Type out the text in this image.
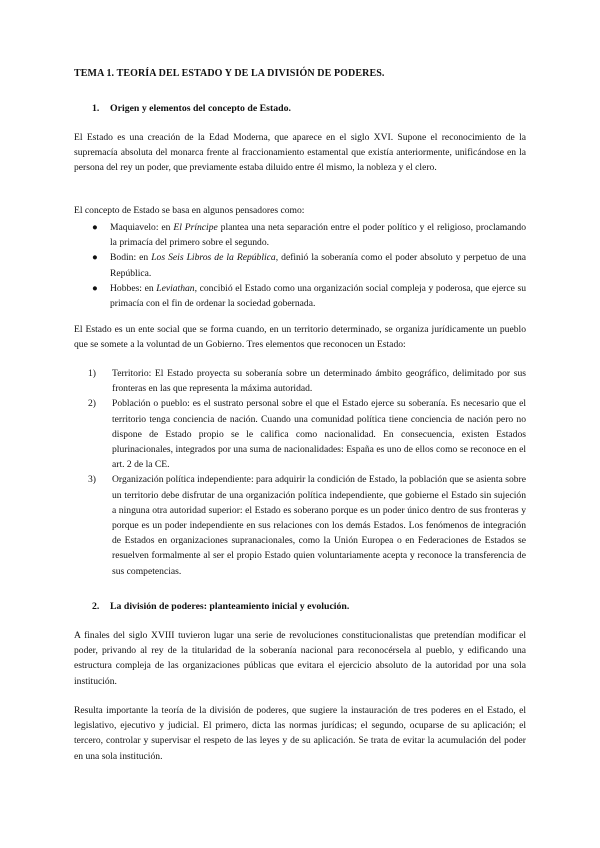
TEMA 1. TEORÍA DEL ESTADO Y DE LA DIVISIÓN DE PODERES.
1. Origen y elementos del concepto de Estado.

El Estado es una creación de la Edad Moderna, que aparece en el siglo XVI. Supone el reconocimiento de la supremacía absoluta del monarca frente al fraccionamiento estamental que existía anteriormente, unificándose en la persona del rey un poder, que previamente estaba diluido entre él mismo, la nobleza y el clero.

El concepto de Estado se basa en algunos pensadores como:

● Maquiavelo: en El Príncipe plantea una neta separación entre el poder político y el religioso, proclamando la primacía del primero sobre el segundo.
● Bodin: en Los Seis Libros de la República, definió la soberanía como el poder absoluto y perpetuo de una República.
● Hobbes: en Leviathan, concibió el Estado como una organización social compleja y poderosa, que ejerce su primacía con el fin de ordenar la sociedad gobernada.

El Estado es un ente social que se forma cuando, en un territorio determinado, se organiza jurídicamente un pueblo que se somete a la voluntad de un Gobierno. Tres elementos que reconocen un Estado:

1) Territorio: El Estado proyecta su soberanía sobre un determinado ámbito geográfico, delimitado por sus fronteras en las que representa la máxima autoridad.
2) Población o pueblo: es el sustrato personal sobre el que el Estado ejerce su soberanía. Es necesario que el territorio tenga conciencia de nación. Cuando una comunidad política tiene conciencia de nación pero no dispone de Estado propio se le califica como nacionalidad. En consecuencia, existen Estados plurinacionales, integrados por una suma de nacionalidades: España es uno de ellos como se reconoce en el art. 2 de la CE.
3) Organización política independiente: para adquirir la condición de Estado, la población que se asienta sobre un territorio debe disfrutar de una organización política independiente, que gobierne el Estado sin sujeción a ninguna otra autoridad superior: el Estado es soberano porque es un poder único dentro de sus fronteras y porque es un poder independiente en sus relaciones con los demás Estados. Los fenómenos de integración de Estados en organizaciones supranacionales, como la Unión Europea o en Federaciones de Estados se resuelven formalmente al ser el propio Estado quien voluntariamente acepta y reconoce la transferencia de sus competencias.
2. La división de poderes: planteamiento inicial y evolución.

A finales del siglo XVIII tuvieron lugar una serie de revoluciones constitucionalistas que pretendían modificar el poder, privando al rey de la titularidad de la soberanía nacional para reconocérsela al pueblo, y edificando una estructura compleja de las organizaciones públicas que evitara el ejercicio absoluto de la autoridad por una sola institución.

Resulta importante la teoría de la división de poderes, que sugiere la instauración de tres poderes en el Estado, el legislativo, ejecutivo y judicial. El primero, dicta las normas jurídicas; el segundo, ocuparse de su aplicación; el tercero, controlar y supervisar el respeto de las leyes y de su aplicación. Se trata de evitar la acumulación del poder en una sola institución.
